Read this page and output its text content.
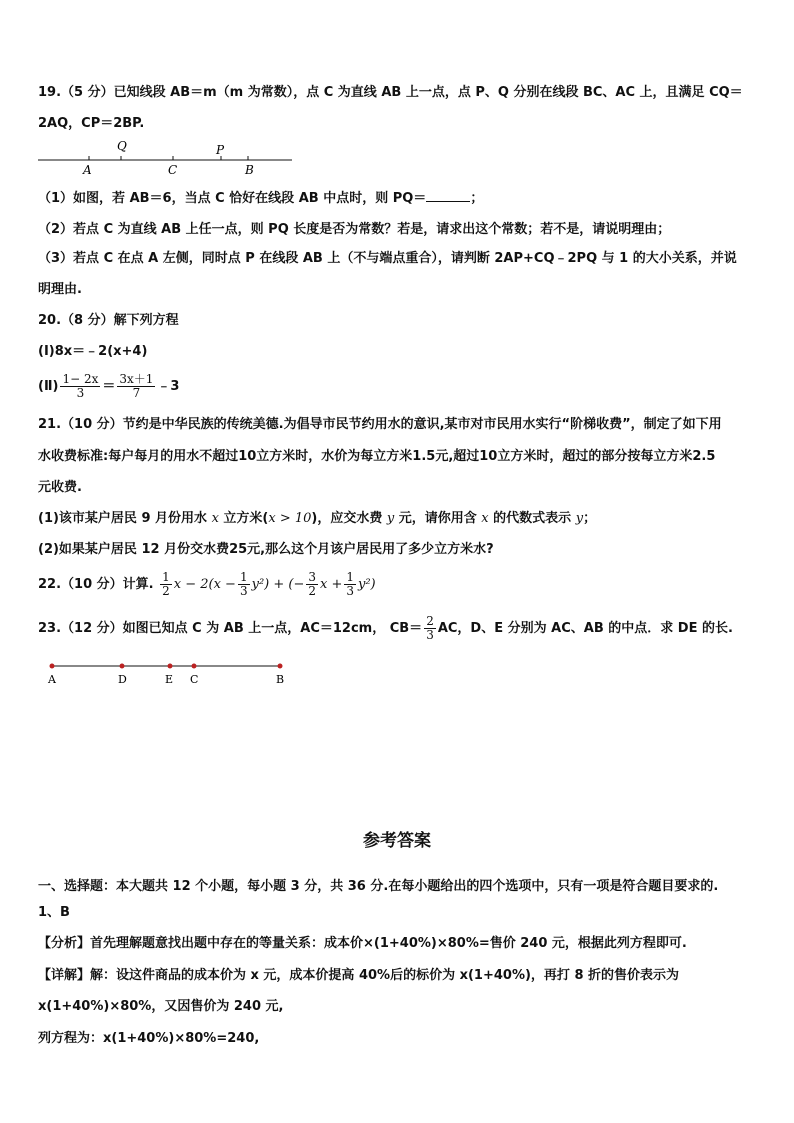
19.（5 分）已知线段 AB＝m（m 为常数），点 C 为直线 AB 上一点，点 P、Q 分别在线段 BC、AC 上，且满足 CQ＝
2AQ，CP＝2BP.
Q	P
A	C	B
（1）如图，若 AB＝6，当点 C 恰好在线段 AB 中点时，则 PQ＝	；
（2）若点 C 为直线 AB 上任一点，则 PQ 长度是否为常数？若是，请求出这个常数；若不是，请说明理由；
（3）若点 C 在点 A 左侧，同时点 P 在线段 AB 上（不与端点重合），请判断 2AP+CQ﹣2PQ 与 1 的大小关系，并说
明理由.
20.（8 分）解下列方程
(Ⅰ)8x＝﹣2(x+4)
(Ⅱ) $\frac{1- 2x}{3} = \frac{3x+1}{7}$ ﹣3
21.（10 分）节约是中华民族的传统美德.为倡导市民节约用水的意识,某市对市民用水实行“阶梯收费”，制定了如下用
水收费标准:每户每月的用水不超过10立方米时，水价为每立方米1.5元,超过10立方米时，超过的部分按每立方米2.5
元收费.
(1)该市某户居民 9 月份用水 x 立方米(x > 10)，应交水费 y 元，请你用含 x 的代数式表示 y；
(2)如果某户居民 12 月份交水费25元,那么这个月该户居民用了多少立方米水?
22.（10 分）计算. $\frac{1}{2}$ $x - 2(x - \frac{1}{3} y^2)$ + (− $\frac{3}{2}$ $x + \frac{1}{3} y^2$)
23.（12 分）如图已知点 C 为 AB 上一点，AC＝12cm， $CB= \frac{2}{3}$ AC，D、E 分别为 AC、AB 的中点．求 DE 的长.
A	D	E C	B
参考答案
一、选择题：本大题共 12 个小题，每小题 3 分，共 36 分.在每小题给出的四个选项中，只有一项是符合题目要求的.
1、B
【分析】首先理解题意找出题中存在的等量关系：成本价×(1+40%)×80%=售价 240 元，根据此列方程即可.
【详解】解：设这件商品的成本价为 x 元，成本价提高 40%后的标价为 x(1+40%)，再打 8 折的售价表示为
x(1+40%)×80%，又因售价为 240 元,
列方程为：x(1+40%)×80%=240,
